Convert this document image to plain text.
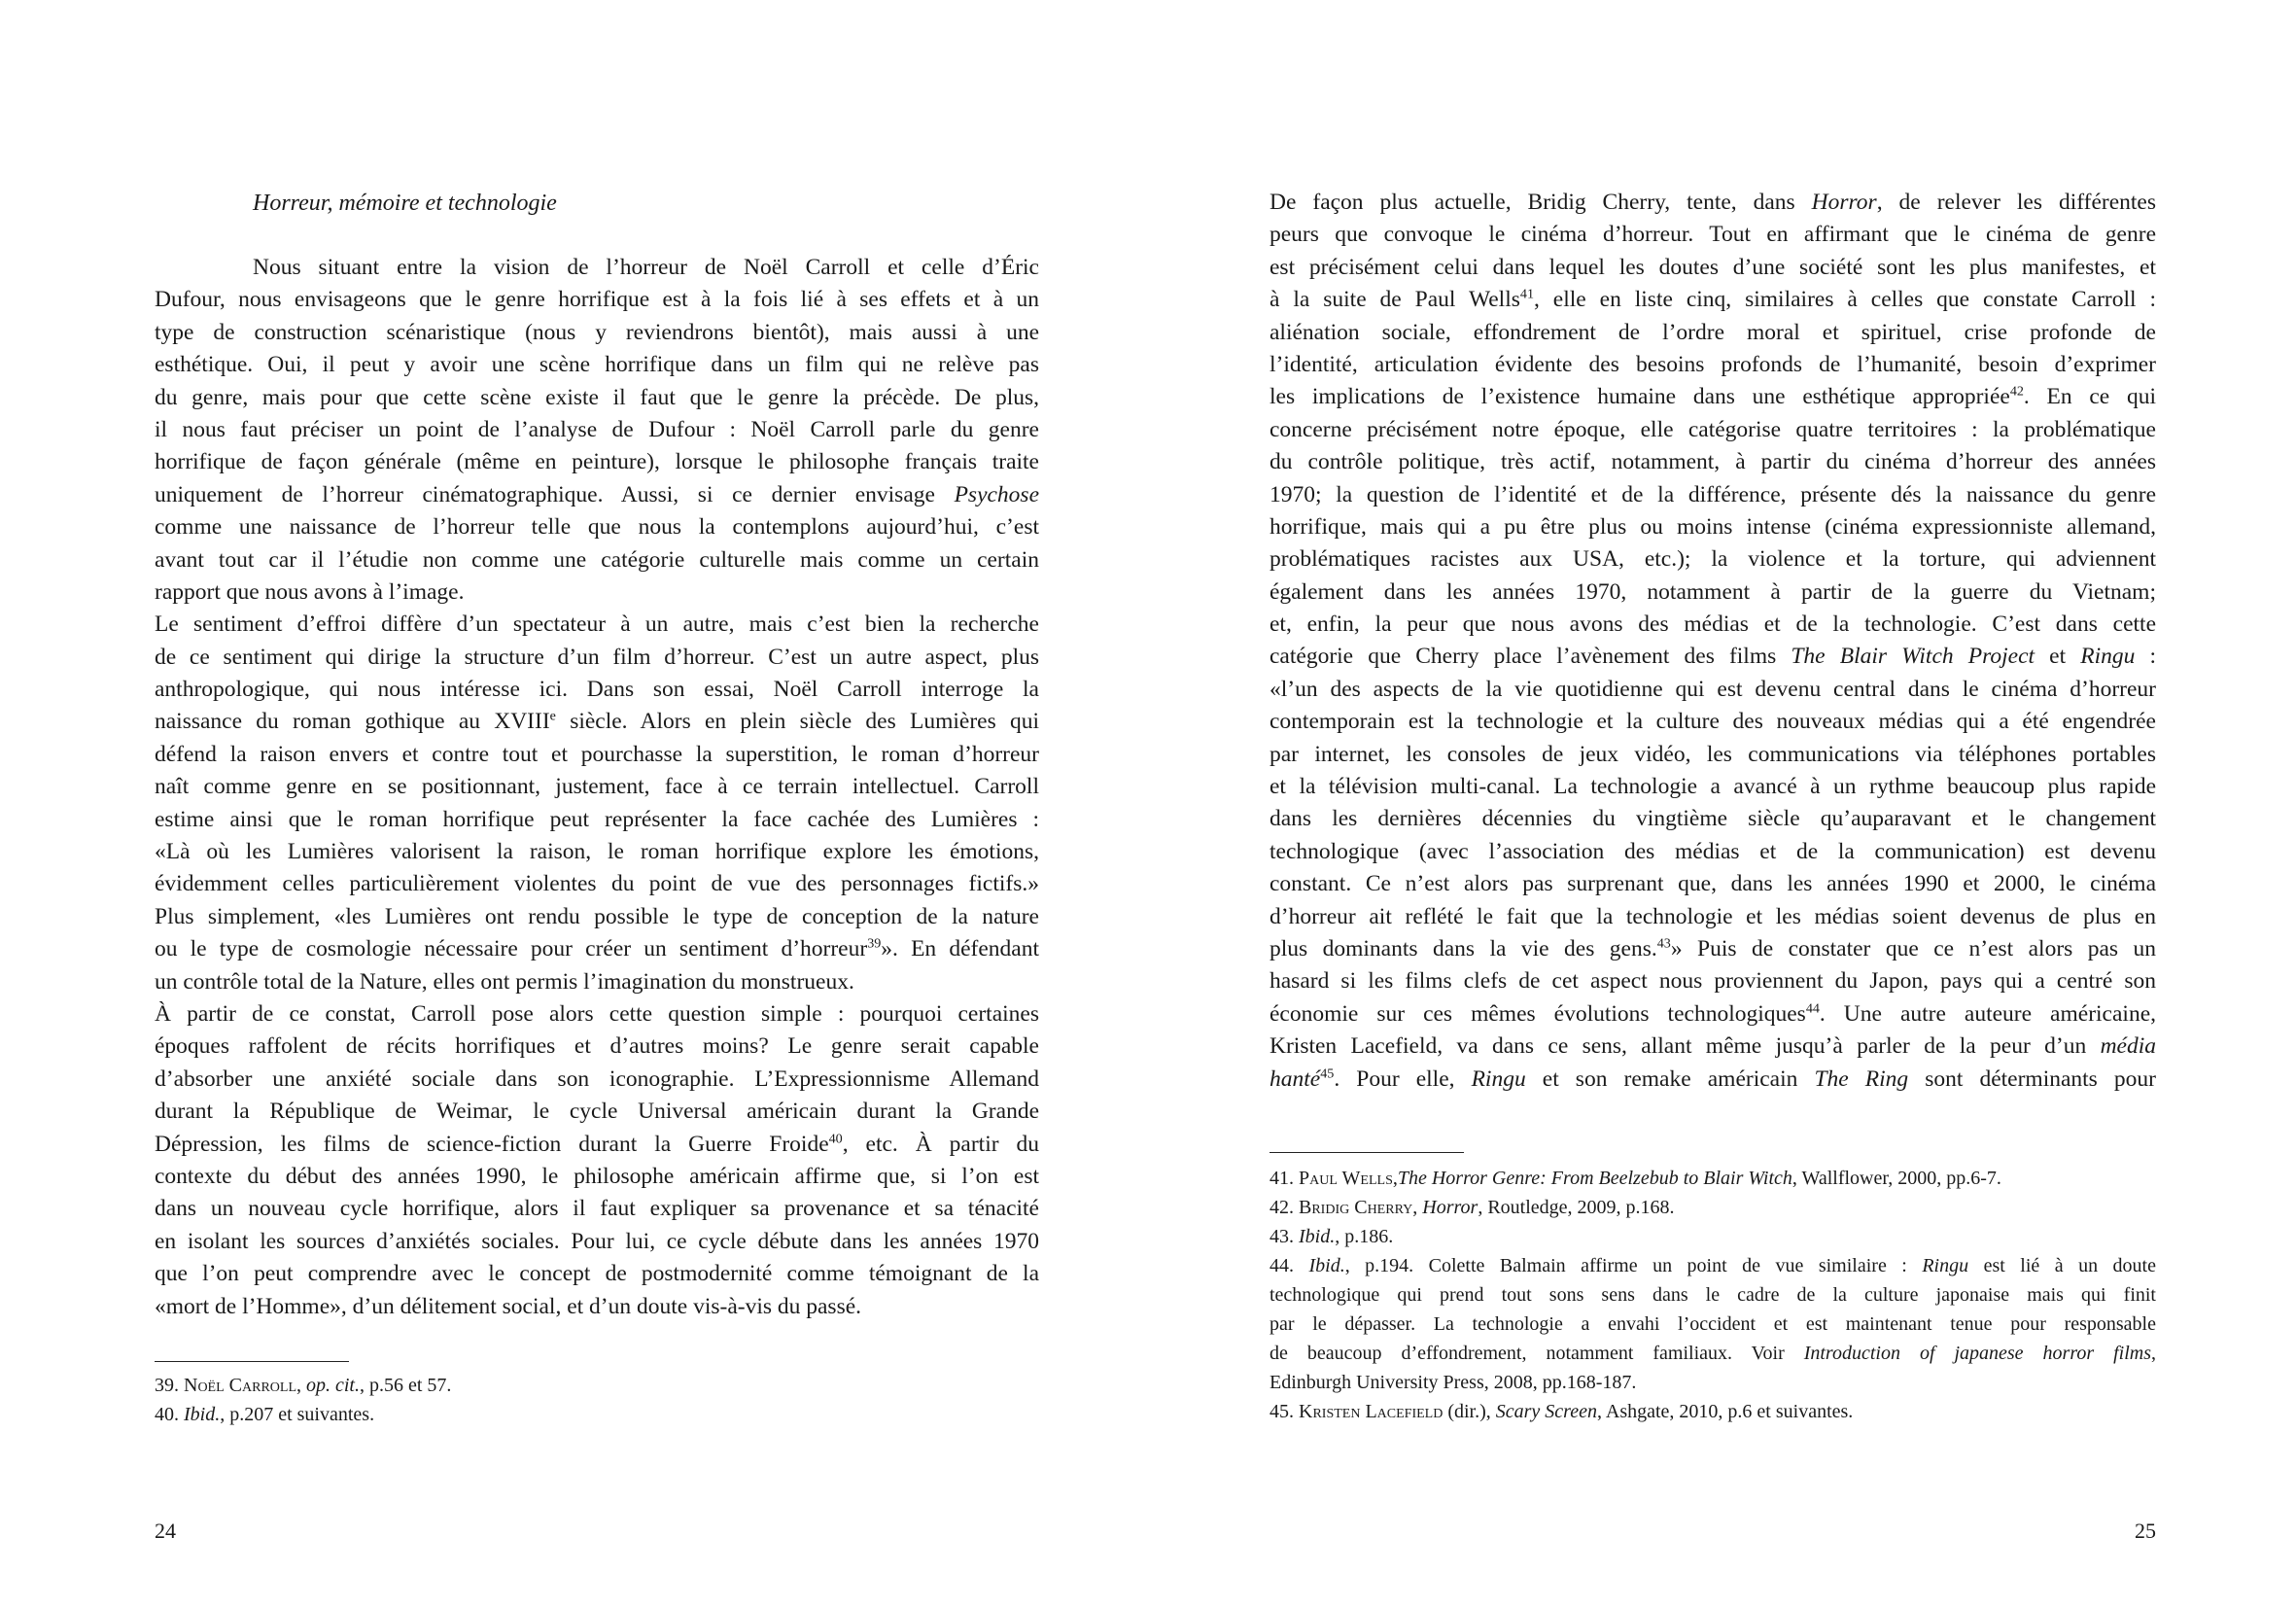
Horreur, mémoire et technologie
Nous situant entre la vision de l’horreur de Noël Carroll et celle d’Éric
Dufour, nous envisageons que le genre horrifique est à la fois lié à ses effets et à un
type de construction scénaristique (nous y reviendrons bientôt), mais aussi à une
esthétique. Oui, il peut y avoir une scène horrifique dans un film qui ne relève pas
du genre, mais pour que cette scène existe il faut que le genre la précède. De plus,
il nous faut préciser un point de l’analyse de Dufour : Noël Carroll parle du genre
horrifique de façon générale (même en peinture), lorsque le philosophe français traite
uniquement de l’horreur cinématographique. Aussi, si ce dernier envisage Psychose
comme une naissance de l’horreur telle que nous la contemplons aujourd’hui, c’est
avant tout car il l’étudie non comme une catégorie culturelle mais comme un certain
rapport que nous avons à l’image.
Le sentiment d’effroi diffère d’un spectateur à un autre, mais c’est bien la recherche
de ce sentiment qui dirige la structure d’un film d’horreur. C’est un autre aspect, plus
anthropologique, qui nous intéresse ici. Dans son essai, Noël Carroll interroge la
naissance du roman gothique au XVIIIe siècle. Alors en plein siècle des Lumières qui
défend la raison envers et contre tout et pourchasse la superstition, le roman d’horreur
naît comme genre en se positionnant, justement, face à ce terrain intellectuel. Carroll
estime ainsi que le roman horrifique peut représenter la face cachée des Lumières :
«Là où les Lumières valorisent la raison, le roman horrifique explore les émotions,
évidemment celles particulièrement violentes du point de vue des personnages fictifs.»
Plus simplement, «les Lumières ont rendu possible le type de conception de la nature
ou le type de cosmologie nécessaire pour créer un sentiment d’horreur$^{39}$». En défendant
un contrôle total de la Nature, elles ont permis l’imagination du monstrueux.
À partir de ce constat, Carroll pose alors cette question simple : pourquoi certaines
époques raffolent de récits horrifiques et d’autres moins? Le genre serait capable
d’absorber une anxiété sociale dans son iconographie. L’Expressionnisme Allemand
durant la République de Weimar, le cycle Universal américain durant la Grande
Dépression, les films de science-fiction durant la Guerre Froide$^{40}$, etc. À partir du
contexte du début des années 1990, le philosophe américain affirme que, si l’on est
dans un nouveau cycle horrifique, alors il faut expliquer sa provenance et sa ténacité
en isolant les sources d’anxiétés sociales. Pour lui, ce cycle débute dans les années 1970
que l’on peut comprendre avec le concept de postmodernité comme témoignant de la
«mort de l’Homme», d’un délitement social, et d’un doute vis-à-vis du passé.
39. Noël Carroll, op. cit., p.56 et 57.
40. Ibid., p.207 et suivantes.
24
De façon plus actuelle, Bridig Cherry, tente, dans Horror, de relever les différentes
peurs que convoque le cinéma d’horreur. Tout en affirmant que le cinéma de genre
est précisément celui dans lequel les doutes d’une société sont les plus manifestes, et
à la suite de Paul Wells$^{41}$, elle en liste cinq, similaires à celles que constate Carroll :
aliénation sociale, effondrement de l’ordre moral et spirituel, crise profonde de
l’identité, articulation évidente des besoins profonds de l’humanité, besoin d’exprimer
les implications de l’existence humaine dans une esthétique appropriée$^{42}$. En ce qui
concerne précisément notre époque, elle catégorise quatre territoires : la problématique
du contrôle politique, très actif, notamment, à partir du cinéma d’horreur des années
1970; la question de l’identité et de la différence, présente dés la naissance du genre
horrifique, mais qui a pu être plus ou moins intense (cinéma expressionniste allemand,
problématiques racistes aux USA, etc.); la violence et la torture, qui adviennent
également dans les années 1970, notamment à partir de la guerre du Vietnam;
et, enfin, la peur que nous avons des médias et de la technologie. C’est dans cette
catégorie que Cherry place l’avènement des films The Blair Witch Project et Ringu :
«l’un des aspects de la vie quotidienne qui est devenu central dans le cinéma d’horreur
contemporain est la technologie et la culture des nouveaux médias qui a été engendrée
par internet, les consoles de jeux vidéo, les communications via téléphones portables
et la télévision multi-canal. La technologie a avancé à un rythme beaucoup plus rapide
dans les dernières décennies du vingtième siècle qu’auparavant et le changement
technologique (avec l’association des médias et de la communication) est devenu
constant. Ce n’est alors pas surprenant que, dans les années 1990 et 2000, le cinéma
d’horreur ait reflété le fait que la technologie et les médias soient devenus de plus en
plus dominants dans la vie des gens.$^{43}$» Puis de constater que ce n’est alors pas un
hasard si les films clefs de cet aspect nous proviennent du Japon, pays qui a centré son
économie sur ces mêmes évolutions technologiques$^{44}$. Une autre auteure américaine,
Kristen Lacefield, va dans ce sens, allant même jusqu’à parler de la peur d’un média
hanté$^{45}$. Pour elle, Ringu et son remake américain The Ring sont déterminants pour
41. Paul Wells,The Horror Genre: From Beelzebub to Blair Witch, Wallflower, 2000, pp.6-7.
42. Bridig Cherry, Horror, Routledge, 2009, p.168.
43. Ibid., p.186.
44. Ibid., p.194. Colette Balmain affirme un point de vue similaire : Ringu est lié à un doute
technologique qui prend tout sons sens dans le cadre de la culture japonaise mais qui finit
par le dépasser. La technologie a envahi l’occident et est maintenant tenue pour responsable
de beaucoup d’effondrement, notamment familiaux. Voir Introduction of japanese horror films,
Edinburgh University Press, 2008, pp.168-187.
45. Kristen Lacefield (dir.), Scary Screen, Ashgate, 2010, p.6 et suivantes.
25
